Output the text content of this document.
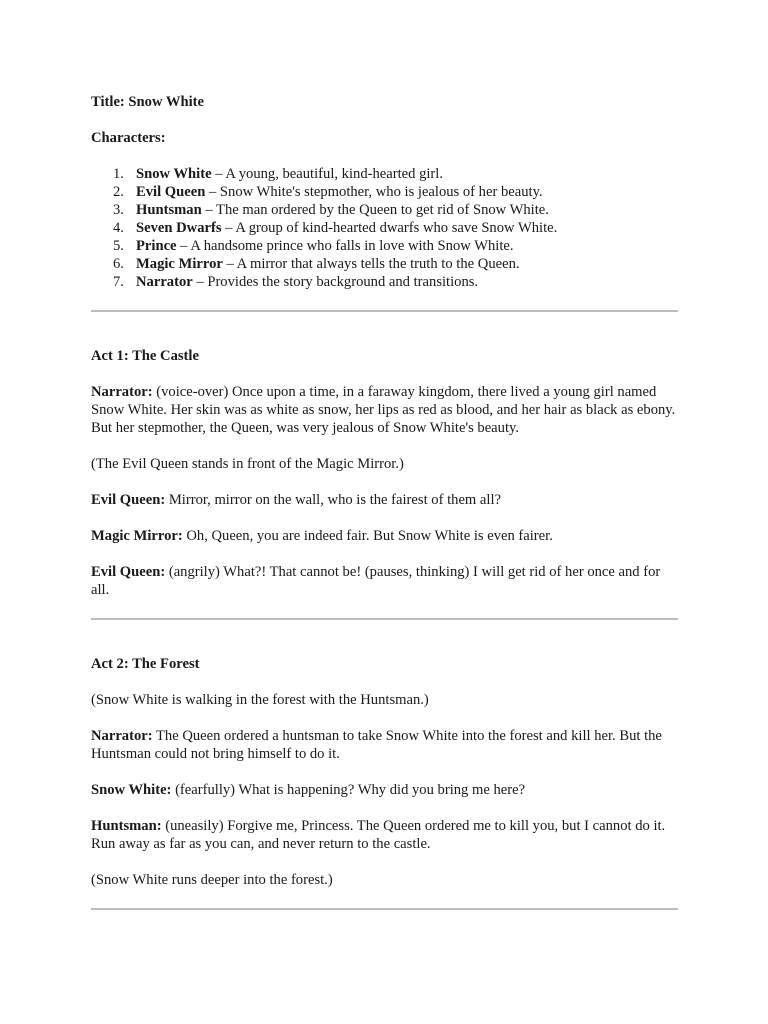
Title: Snow White

Characters:

1. Snow White – A young, beautiful, kind-hearted girl.
2. Evil Queen – Snow White's stepmother, who is jealous of her beauty.
3. Huntsman – The man ordered by the Queen to get rid of Snow White.
4. Seven Dwarfs – A group of kind-hearted dwarfs who save Snow White.
5. Prince – A handsome prince who falls in love with Snow White.
6. Magic Mirror – A mirror that always tells the truth to the Queen.
7. Narrator – Provides the story background and transitions.

Act 1: The Castle

Narrator: (voice-over) Once upon a time, in a faraway kingdom, there lived a young girl named Snow White. Her skin was as white as snow, her lips as red as blood, and her hair as black as ebony. But her stepmother, the Queen, was very jealous of Snow White's beauty.

(The Evil Queen stands in front of the Magic Mirror.)

Evil Queen: Mirror, mirror on the wall, who is the fairest of them all?

Magic Mirror: Oh, Queen, you are indeed fair. But Snow White is even fairer.

Evil Queen: (angrily) What?! That cannot be! (pauses, thinking) I will get rid of her once and for all.

Act 2: The Forest

(Snow White is walking in the forest with the Huntsman.)

Narrator: The Queen ordered a huntsman to take Snow White into the forest and kill her. But the Huntsman could not bring himself to do it.

Snow White: (fearfully) What is happening? Why did you bring me here?

Huntsman: (uneasily) Forgive me, Princess. The Queen ordered me to kill you, but I cannot do it. Run away as far as you can, and never return to the castle.

(Snow White runs deeper into the forest.)
